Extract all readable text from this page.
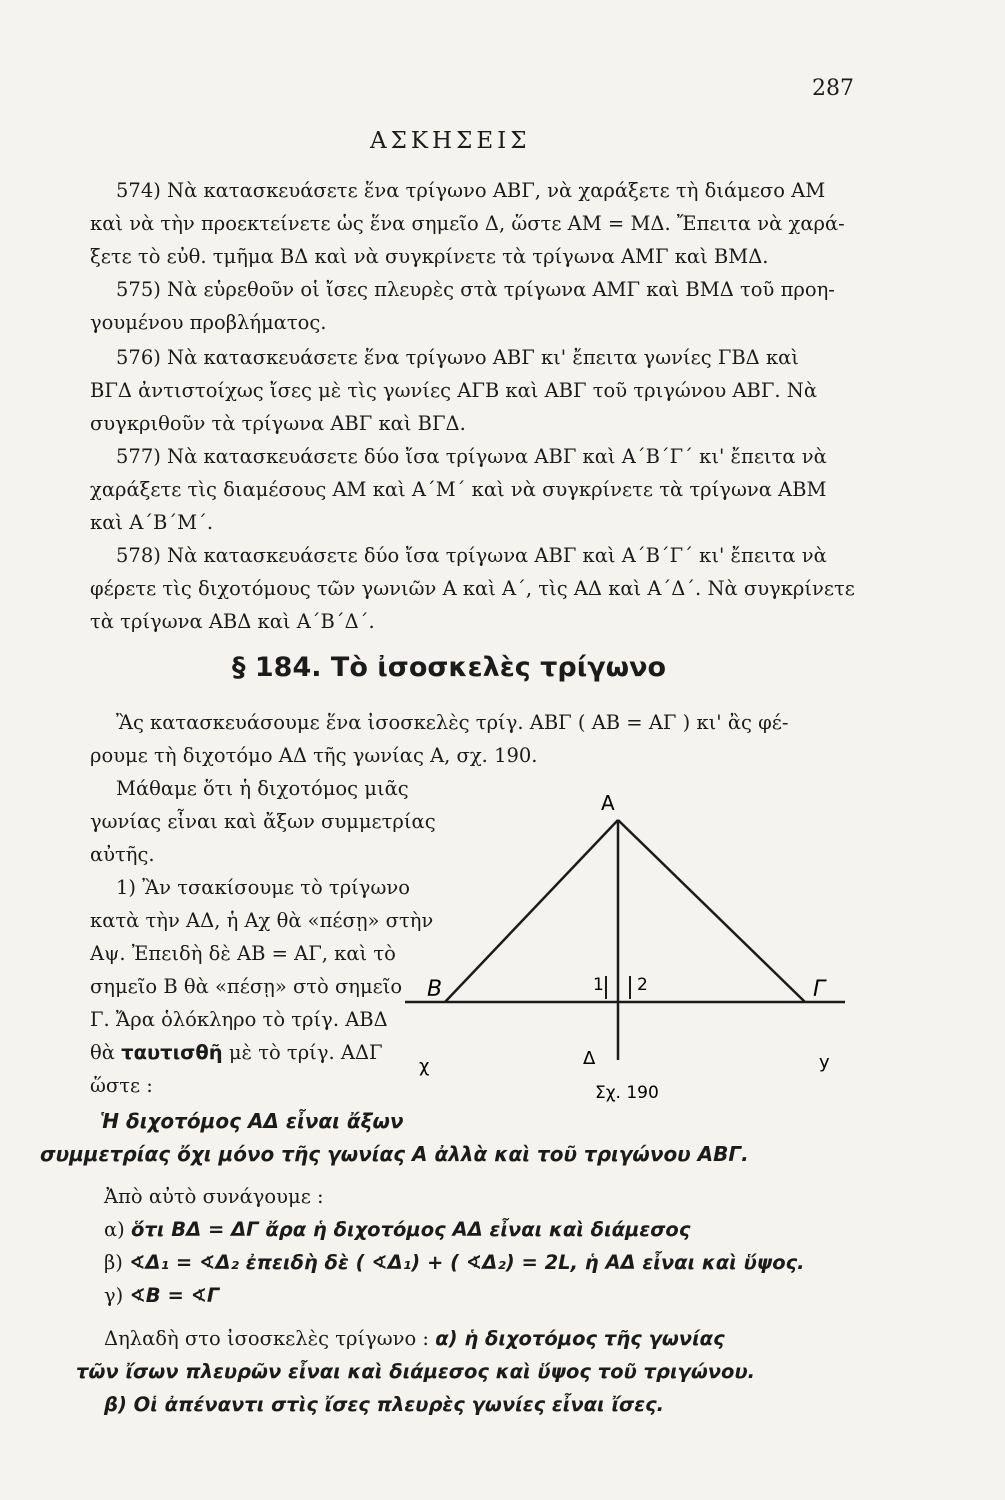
287
ΑΣΚΗΣΕΙΣ
574) Νὰ κατασκευάσετε ἕνα τρίγωνο ΑΒΓ, νὰ χαράξετε τὴ διάμεσο ΑΜ
καὶ νὰ τὴν προεκτείνετε ὡς ἕνα σημεῖο Δ, ὥστε ΑΜ = ΜΔ. Ἔπειτα νὰ χαρά-
ξετε τὸ εὐθ. τμῆμα ΒΔ καὶ νὰ συγκρίνετε τὰ τρίγωνα ΑΜΓ καὶ ΒΜΔ.
575) Νὰ εὑρεθοῦν οἱ ἴσες πλευρὲς στὰ τρίγωνα ΑΜΓ καὶ ΒΜΔ τοῦ προη-
γουμένου προβλήματος.
576) Νὰ κατασκευάσετε ἕνα τρίγωνο ΑΒΓ κι' ἔπειτα γωνίες ΓΒΔ καὶ
ΒΓΔ ἀντιστοίχως ἴσες μὲ τὶς γωνίες ΑΓΒ καὶ ΑΒΓ τοῦ τριγώνου ΑΒΓ. Νὰ
συγκριθοῦν τὰ τρίγωνα ΑΒΓ καὶ ΒΓΔ.
577) Νὰ κατασκευάσετε δύο ἴσα τρίγωνα ΑΒΓ καὶ Α΄Β΄Γ΄ κι' ἔπειτα νὰ
χαράξετε τὶς διαμέσους ΑΜ καὶ Α΄Μ΄ καὶ νὰ συγκρίνετε τὰ τρίγωνα ΑΒΜ
καὶ Α΄Β΄Μ΄.
578) Νὰ κατασκευάσετε δύο ἴσα τρίγωνα ΑΒΓ καὶ Α΄Β΄Γ΄ κι' ἔπειτα νὰ
φέρετε τὶς διχοτόμους τῶν γωνιῶν Α καὶ Α΄, τὶς ΑΔ καὶ Α΄Δ΄. Νὰ συγκρίνετε
τὰ τρίγωνα ΑΒΔ καὶ Α΄Β΄Δ΄.
§ 184. Τὸ ἰσοσκελὲς τρίγωνο
Ἂς κατασκευάσουμε ἕνα ἰσοσκελὲς τρίγ. ΑΒΓ ( ΑΒ = ΑΓ ) κι' ἂς φέ-
ρουμε τὴ διχοτόμο ΑΔ τῆς γωνίας Α, σχ. 190.
Μάθαμε ὅτι ἡ διχοτόμος μιᾶς
γωνίας εἶναι καὶ ἄξων συμμετρίας
αὐτῆς.
1) Ἂν τσακίσουμε τὸ τρίγωνο
κατὰ τὴν ΑΔ, ἡ Αχ θὰ «πέσῃ» στὴν
Αψ. Ἐπειδὴ δὲ ΑΒ = ΑΓ, καὶ τὸ
σημεῖο Β θὰ «πέσῃ» στὸ σημεῖο
Γ. Ἄρα ὁλόκληρο τὸ τρίγ. ΑΒΔ
θὰ ταυτισθῆ μὲ τὸ τρίγ. ΑΔΓ
ὥστε :
Ἡ διχοτόμος ΑΔ εἶναι ἄξων
συμμετρίας ὄχι μόνο τῆς γωνίας Α ἀλλὰ καὶ τοῦ τριγώνου ΑΒΓ.
Ἀπὸ αὐτὸ συνάγουμε :
α) ὅτι ΒΔ = ΔΓ ἄρα ἡ διχοτόμος ΑΔ εἶναι καὶ διάμεσος
β) ∢Δ₁ = ∢Δ₂ ἐπειδὴ δὲ ( ∢Δ₁) + ( ∢Δ₂) = 2L, ἡ ΑΔ εἶναι καὶ ὕψος.
γ) ∢Β = ∢Γ
Δηλαδὴ στο ἰσοσκελὲς τρίγωνο : α) ἡ διχοτόμος τῆς γωνίας
τῶν ἴσων πλευρῶν εἶναι καὶ διάμεσος καὶ ὕψος τοῦ τριγώνου.
β) Οἱ ἀπέναντι στὶς ἴσες πλευρὲς γωνίες εἶναι ἴσες.
Α
Β	Γ
Δ
χ	y
1 2
Σχ. 190
